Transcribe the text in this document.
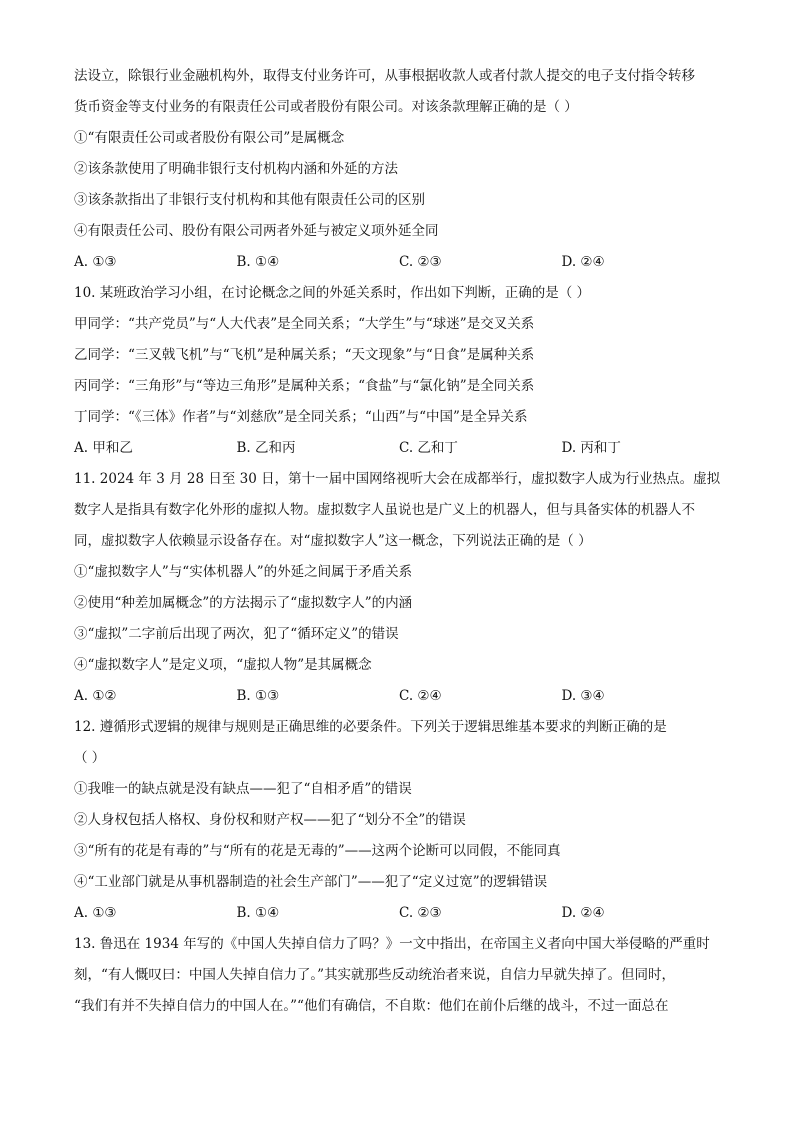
法设立，除银行业金融机构外，取得支付业务许可，从事根据收款人或者付款人提交的电子支付指令转移
货币资金等支付业务的有限责任公司或者股份有限公司。对该条款理解正确的是（ ）
①“有限责任公司或者股份有限公司”是属概念
②该条款使用了明确非银行支付机构内涵和外延的方法
③该条款指出了非银行支付机构和其他有限责任公司的区别
④有限责任公司、股份有限公司两者外延与被定义项外延全同
A. ①③	B. ①④	C. ②③	D. ②④
10. 某班政治学习小组，在讨论概念之间的外延关系时，作出如下判断，正确的是（ ）
甲同学：“共产党员”与“人大代表”是全同关系；“大学生”与“球迷”是交叉关系
乙同学：“三叉戟飞机”与“飞机”是种属关系；“天文现象”与“日食”是属种关系
丙同学：“三角形”与“等边三角形”是属种关系；“食盐”与“氯化钠”是全同关系
丁同学：“《三体》作者”与“刘慈欣”是全同关系；“山西”与“中国”是全异关系
A. 甲和乙	B. 乙和丙	C. 乙和丁	D. 丙和丁
11. 2024 年 3 月 28 日至 30 日，第十一届中国网络视听大会在成都举行，虚拟数字人成为行业热点。虚拟
数字人是指具有数字化外形的虚拟人物。虚拟数字人虽说也是广义上的机器人，但与具备实体的机器人不
同，虚拟数字人依赖显示设备存在。对“虚拟数字人”这一概念，下列说法正确的是（ ）
①“虚拟数字人”与“实体机器人”的外延之间属于矛盾关系
②使用“种差加属概念”的方法揭示了“虚拟数字人”的内涵
③“虚拟”二字前后出现了两次，犯了“循环定义”的错误
④“虚拟数字人”是定义项，“虚拟人物”是其属概念
A. ①②	B. ①③	C. ②④	D. ③④
12. 遵循形式逻辑的规律与规则是正确思维的必要条件。下列关于逻辑思维基本要求的判断正确的是
（ ）
①我唯一的缺点就是没有缺点——犯了“自相矛盾”的错误
②人身权包括人格权、身份权和财产权——犯了“划分不全”的错误
③“所有的花是有毒的”与“所有的花是无毒的”——这两个论断可以同假，不能同真
④“工业部门就是从事机器制造的社会生产部门”——犯了“定义过宽”的逻辑错误
A. ①③	B. ①④	C. ②③	D. ②④
13. 鲁迅在 1934 年写的《中国人失掉自信力了吗？》一文中指出，在帝国主义者向中国大举侵略的严重时
刻，“有人慨叹曰：中国人失掉自信力了。”其实就那些反动统治者来说，自信力早就失掉了。但同时，
“我们有并不失掉自信力的中国人在。”“他们有确信，不自欺：他们在前仆后继的战斗，不过一面总在
